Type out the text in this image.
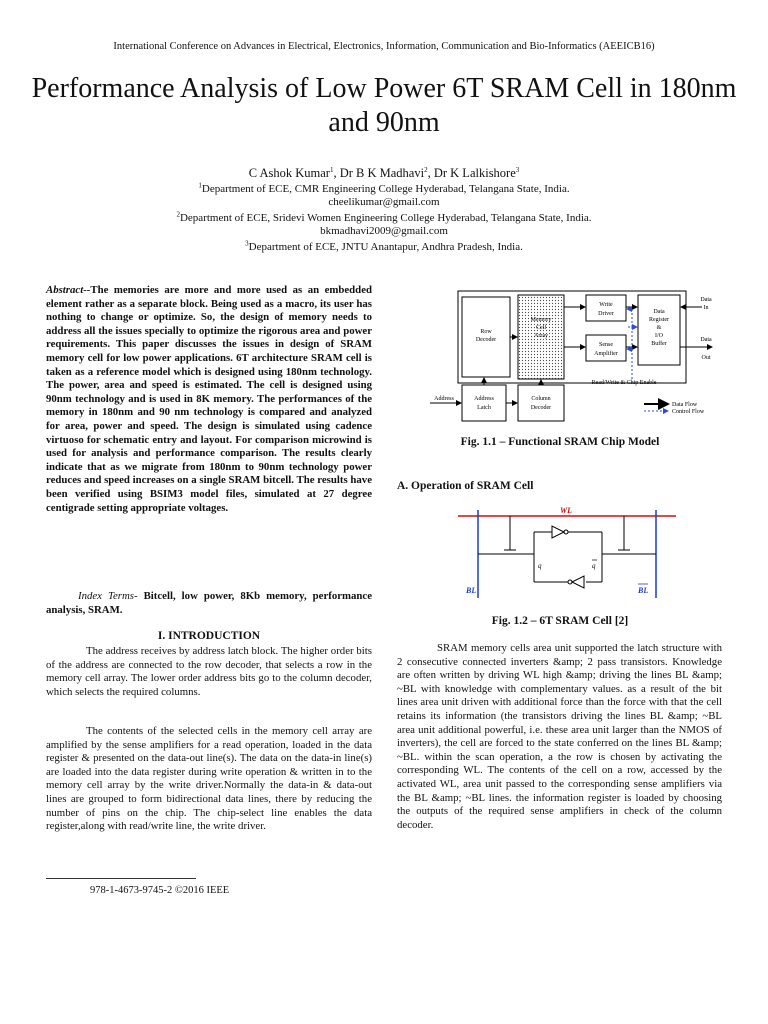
International Conference on Advances in Electrical, Electronics, Information, Communication and Bio-Informatics (AEEICB16)
Performance Analysis of Low Power 6T SRAM Cell in 180nm and 90nm
C Ashok Kumar$^1$, Dr B K Madhavi$^2$, Dr K Lalkishore$^3$
$^1$Department of ECE, CMR Engineering College Hyderabad, Telangana State, India.
cheelikumar@gmail.com
$^2$Department of ECE, Sridevi Women Engineering College Hyderabad, Telangana State, India.
bkmadhavi2009@gmail.com
$^3$Department of ECE, JNTU Anantapur, Andhra Pradesh, India.
Abstract--The memories are more and more used as an embedded element rather as a separate block. Being used as a macro, its user has nothing to change or optimize. So, the design of memory needs to address all the issues specially to optimize the rigorous area and power requirements. This paper discusses the issues in design of SRAM memory cell for low power applications. 6T architecture SRAM cell is taken as a reference model which is designed using 180nm technology. The power, area and speed is estimated. The cell is designed using 90nm technology and is used in 8K memory. The performances of the memory in 180nm and 90 nm technology is compared and analyzed for area, power and speed. The design is simulated using cadence virtuoso for schematic entry and layout. For comparison microwind is used for analysis and performance comparison. The results clearly indicate that as we migrate from 180nm to 90nm technology power reduces and speed increases on a single SRAM bitcell. The results have been verified using BSIM3 model files, simulated at 27 degree centigrade setting appropriate voltages.
Index Terms- Bitcell, low power, 8Kb memory, performance analysis, SRAM.
I. INTRODUCTION

The address receives by address latch block. The higher order bits of the address are connected to the row decoder, that selects a row in the memory cell array. The lower order address bits go to the column decoder, which selects the required columns.

The contents of the selected cells in the memory cell array are amplified by the sense amplifiers for a read operation, loaded in the data register & presented on the data-out line(s). The data on the data-in line(s) are loaded into the data register during write operation & written in to the memory cell array by the write driver.Normally the data-in & data-out lines are grouped to form bidirectional data lines, there by reducing the number of pins on the chip. The chip-select line enables the data register,along with read/write line, the write driver.

978-1-4673-9745-2 ©2016 IEEE
Row
Decoder
Memory
Cell
Array
Write
Driver
Sense
Amplifier
Data
Register
&
I/O
Buffer
Address
Latch
Column
Decoder
Address
Data
In
Data
Out
Read/Write & Chip Enable
Data Flow
Control Flow
Fig. 1.1 – Functional SRAM Chip Model
A. Operation of SRAM Cell
WL
BL	BL
q	q
Fig. 1.2 – 6T SRAM Cell [2]

SRAM memory cells area unit supported the latch structure with 2 consecutive connected inverters &amp; 2 pass transistors. Knowledge are often written by driving WL high &amp; driving the lines BL &amp; ~BL with knowledge with complementary values. as a result of the bit lines area unit driven with additional force than the force with that the cell retains its information (the transistors driving the lines BL &amp; ~BL area unit additional powerful, i.e. these area unit larger than the NMOS of inverters), the cell are forced to the state conferred on the lines BL &amp; ~BL. within the scan operation, a the row is chosen by activating the corresponding WL. The contents of the cell on a row, accessed by the activated WL, area unit passed to the corresponding sense amplifiers via the BL &amp; ~BL lines. the information register is loaded by choosing the outputs of the required sense amplifiers in check of the column decoder.
